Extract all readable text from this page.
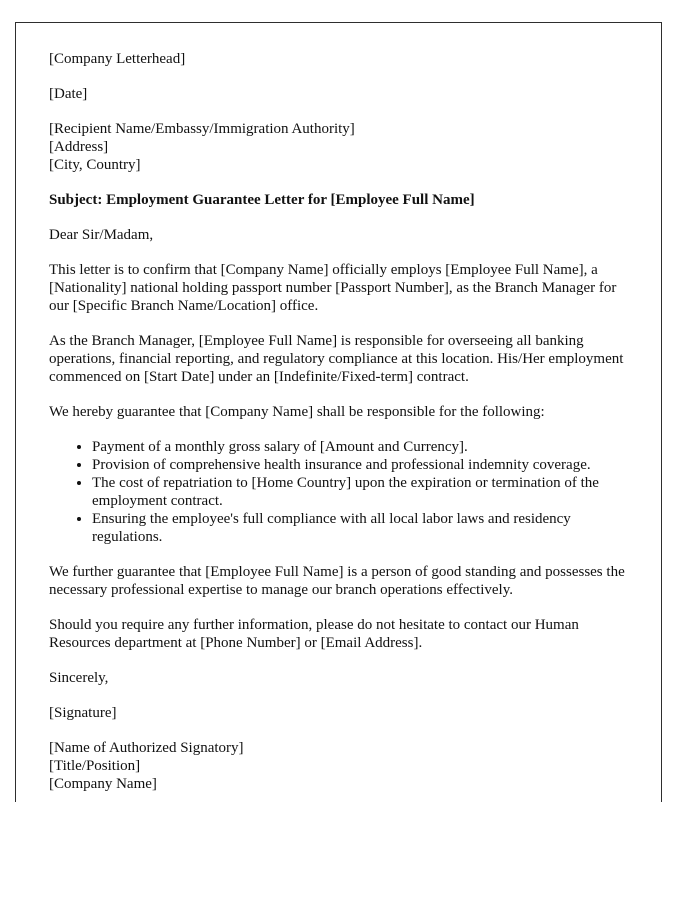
[Company Letterhead]

[Date]

[Recipient Name/Embassy/Immigration Authority]
[Address]
[City, Country]

Subject: Employment Guarantee Letter for [Employee Full Name]

Dear Sir/Madam,

This letter is to confirm that [Company Name] officially employs [Employee Full Name], a [Nationality] national holding passport number [Passport Number], as the Branch Manager for our [Specific Branch Name/Location] office.

As the Branch Manager, [Employee Full Name] is responsible for overseeing all banking operations, financial reporting, and regulatory compliance at this location. His/Her employment commenced on [Start Date] under an [Indefinite/Fixed-term] contract.

We hereby guarantee that [Company Name] shall be responsible for the following:

• Payment of a monthly gross salary of [Amount and Currency].
• Provision of comprehensive health insurance and professional indemnity coverage.
• The cost of repatriation to [Home Country] upon the expiration or termination of the employment contract.
• Ensuring the employee's full compliance with all local labor laws and residency regulations.

We further guarantee that [Employee Full Name] is a person of good standing and possesses the necessary professional expertise to manage our branch operations effectively.

Should you require any further information, please do not hesitate to contact our Human Resources department at [Phone Number] or [Email Address].

Sincerely,

[Signature]

[Name of Authorized Signatory]
[Title/Position]
[Company Name]
